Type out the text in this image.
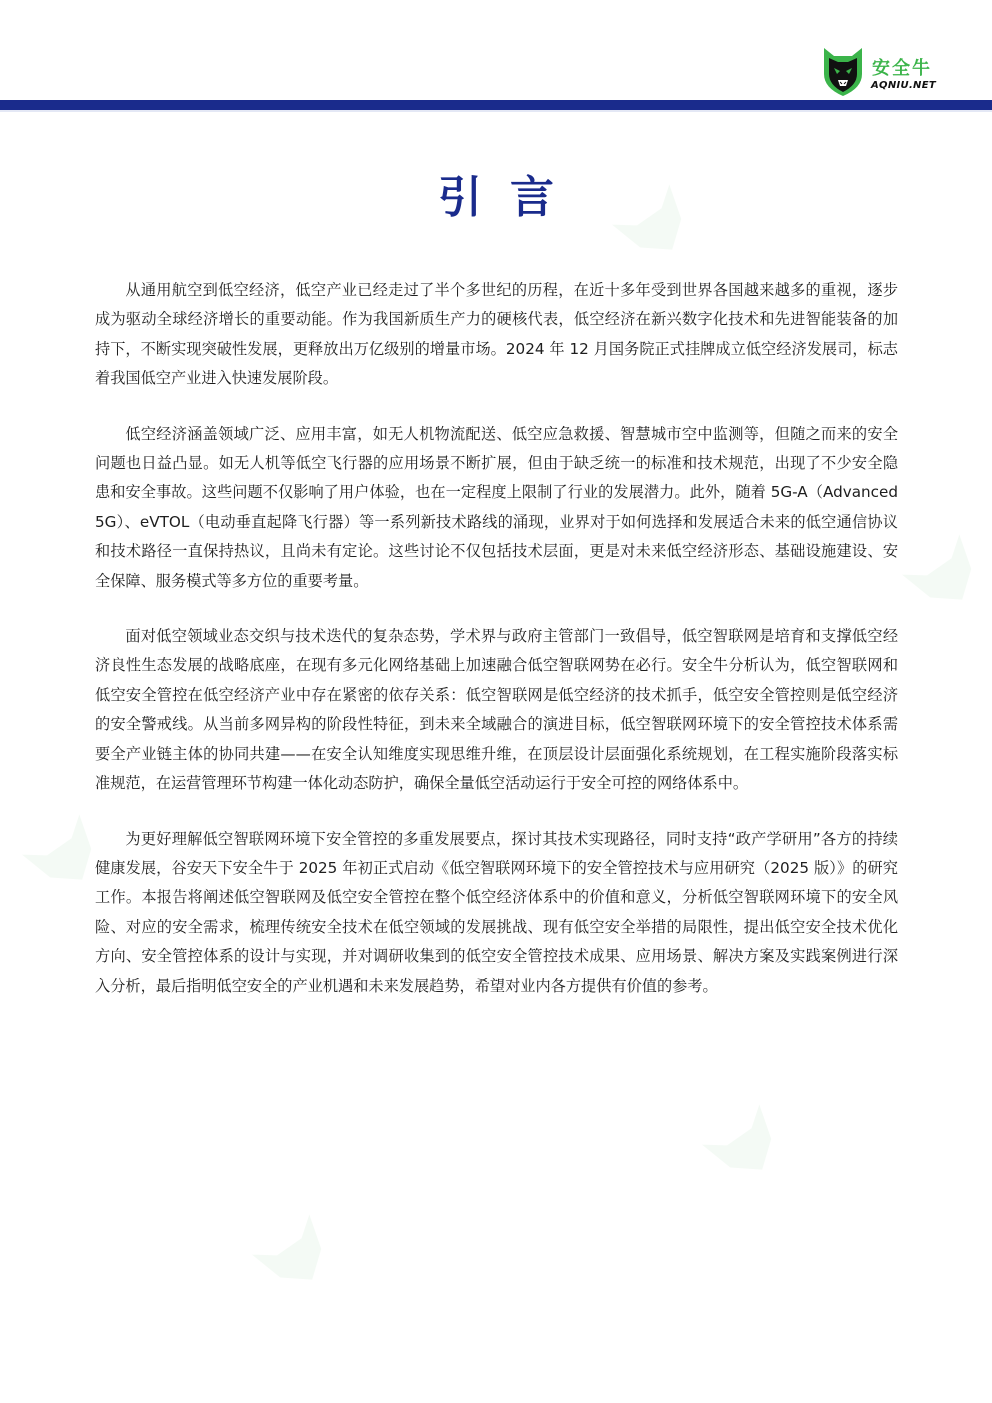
安全牛
AQNIU.NET
引言

从通用航空到低空经济，低空产业已经走过了半个多世纪的历程，在近十多年受到世界各国越来越多的重视，逐步成为驱动全球经济增长的重要动能。作为我国新质生产力的硬核代表，低空经济在新兴数字化技术和先进智能装备的加持下，不断实现突破性发展，更释放出万亿级别的增量市场。2024 年 12 月国务院正式挂牌成立低空经济发展司，标志着我国低空产业进入快速发展阶段。

低空经济涵盖领域广泛、应用丰富，如无人机物流配送、低空应急救援、智慧城市空中监测等，但随之而来的安全问题也日益凸显。如无人机等低空飞行器的应用场景不断扩展，但由于缺乏统一的标准和技术规范，出现了不少安全隐患和安全事故。这些问题不仅影响了用户体验，也在一定程度上限制了行业的发展潜力。此外，随着 5G-A（Advanced 5G）、eVTOL（电动垂直起降飞行器）等一系列新技术路线的涌现，业界对于如何选择和发展适合未来的低空通信协议和技术路径一直保持热议，且尚未有定论。这些讨论不仅包括技术层面，更是对未来低空经济形态、基础设施建设、安全保障、服务模式等多方位的重要考量。

面对低空领域业态交织与技术迭代的复杂态势，学术界与政府主管部门一致倡导，低空智联网是培育和支撑低空经济良性生态发展的战略底座，在现有多元化网络基础上加速融合低空智联网势在必行。安全牛分析认为，低空智联网和低空安全管控在低空经济产业中存在紧密的依存关系：低空智联网是低空经济的技术抓手，低空安全管控则是低空经济的安全警戒线。从当前多网异构的阶段性特征，到未来全域融合的演进目标，低空智联网环境下的安全管控技术体系需要全产业链主体的协同共建——在安全认知维度实现思维升维，在顶层设计层面强化系统规划，在工程实施阶段落实标准规范，在运营管理环节构建一体化动态防护，确保全量低空活动运行于安全可控的网络体系中。

为更好理解低空智联网环境下安全管控的多重发展要点，探讨其技术实现路径，同时支持“政产学研用”各方的持续健康发展，谷安天下安全牛于 2025 年初正式启动《低空智联网环境下的安全管控技术与应用研究（2025 版）》的研究工作。本报告将阐述低空智联网及低空安全管控在整个低空经济体系中的价值和意义，分析低空智联网环境下的安全风险、对应的安全需求，梳理传统安全技术在低空领域的发展挑战、现有低空安全举措的局限性，提出低空安全技术优化方向、安全管控体系的设计与实现，并对调研收集到的低空安全管控技术成果、应用场景、解决方案及实践案例进行深入分析，最后指明低空安全的产业机遇和未来发展趋势，希望对业内各方提供有价值的参考。
